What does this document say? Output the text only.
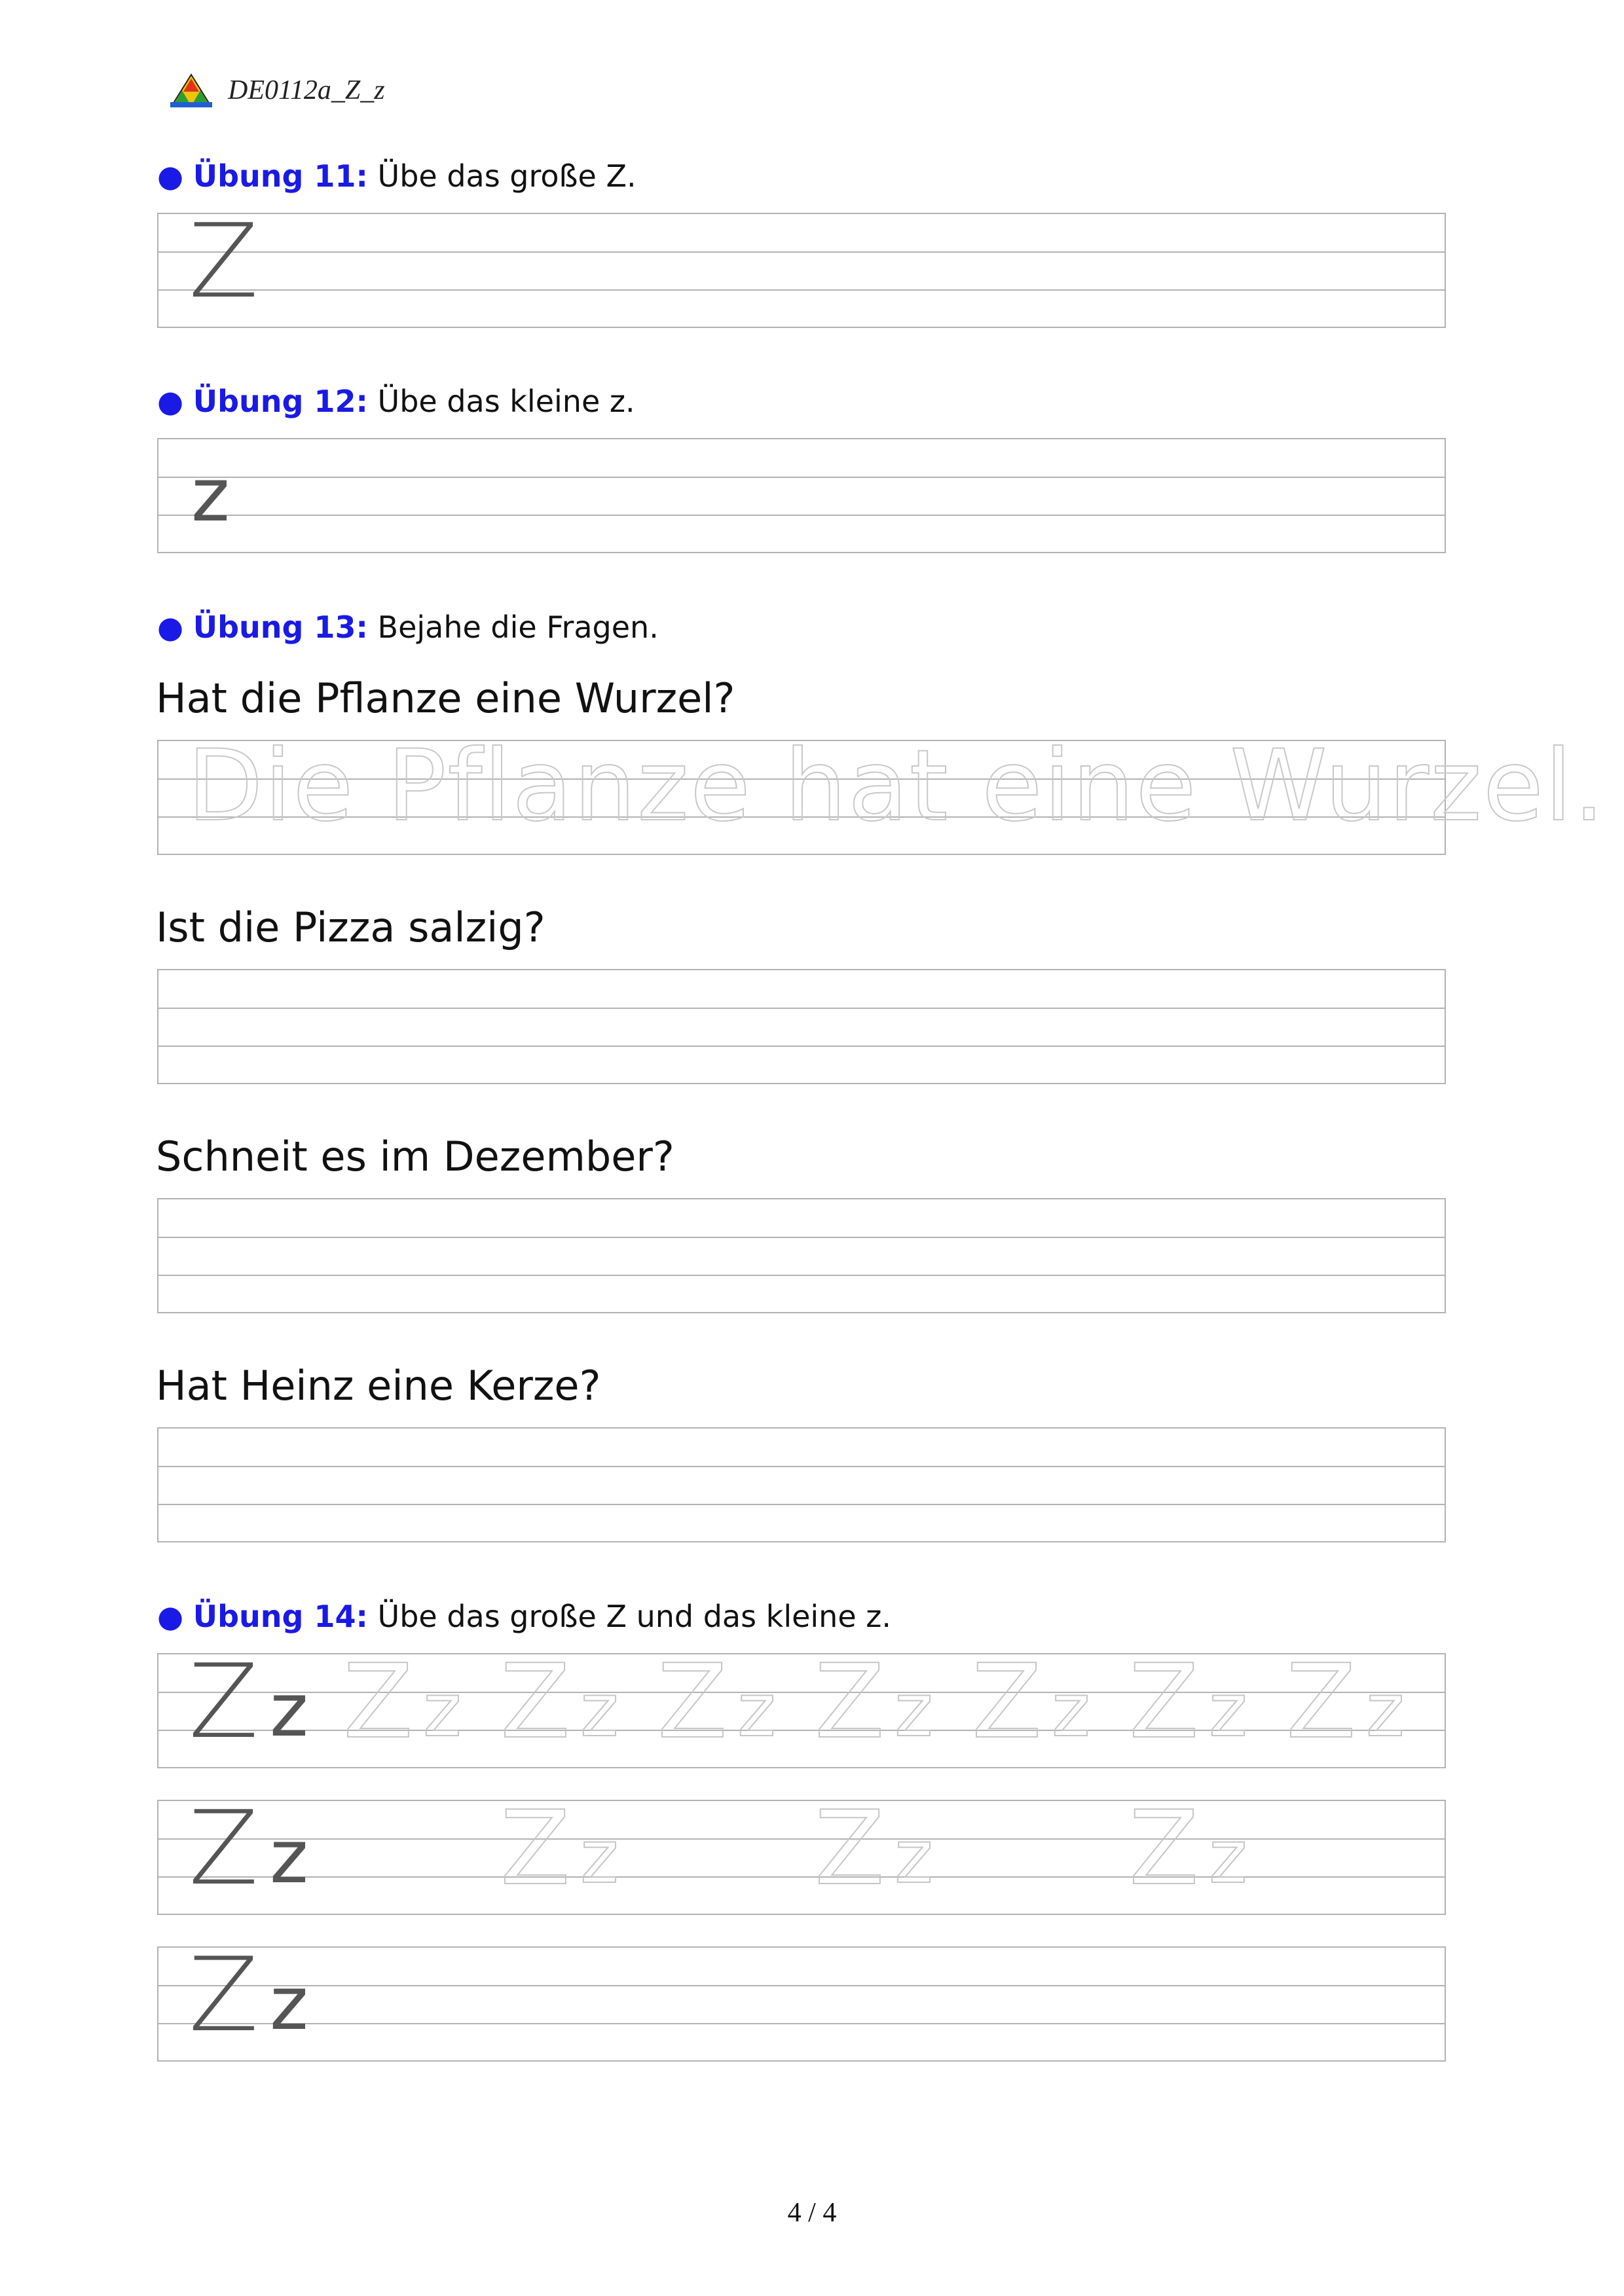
DE0112a_Z_z
● Übung 11: Übe das große Z.
Z
● Übung 12: Übe das kleine z.
z
● Übung 13: Bejahe die Fragen.
Hat die Pflanze eine Wurzel?
Die Pflanze hat eine Wurzel.
Ist die Pizza salzig?
Schneit es im Dezember?
Hat Heinz eine Kerze?
● Übung 14: Übe das große Z und das kleine z.
Z z Z z Z z Z z Z z Z z Z z Z z
Z z Z z Z z Z z
Z z
4 / 4
